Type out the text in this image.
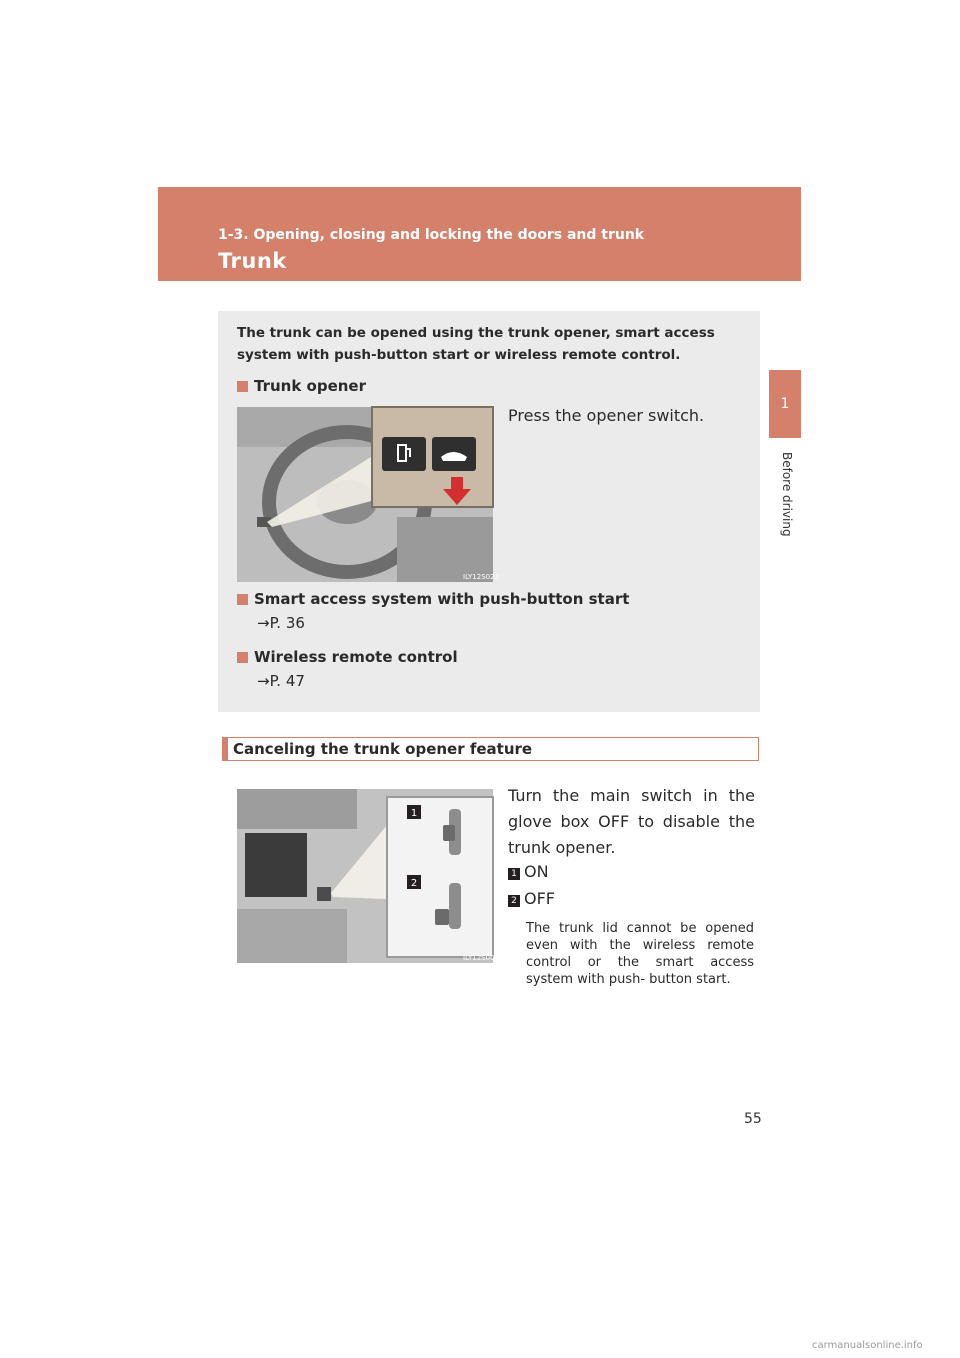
1-3. Opening, closing and locking the doors and trunk
Trunk
1
Before driving
The trunk can be opened using the trunk opener, smart access system with push-button start or wireless remote control.
Trunk opener
ILY12S022
Press the opener switch.
Smart access system with push-button start
→P. 36
Wireless remote control
→P. 47
Canceling the trunk opener feature
1
2
ILY12S003
Turn the main switch in the glove box OFF to disable the trunk opener.
1 ON
2 OFF
The trunk lid cannot be opened even with the wireless remote control or the smart access system with push- button start.
55
carmanualsonline.info
